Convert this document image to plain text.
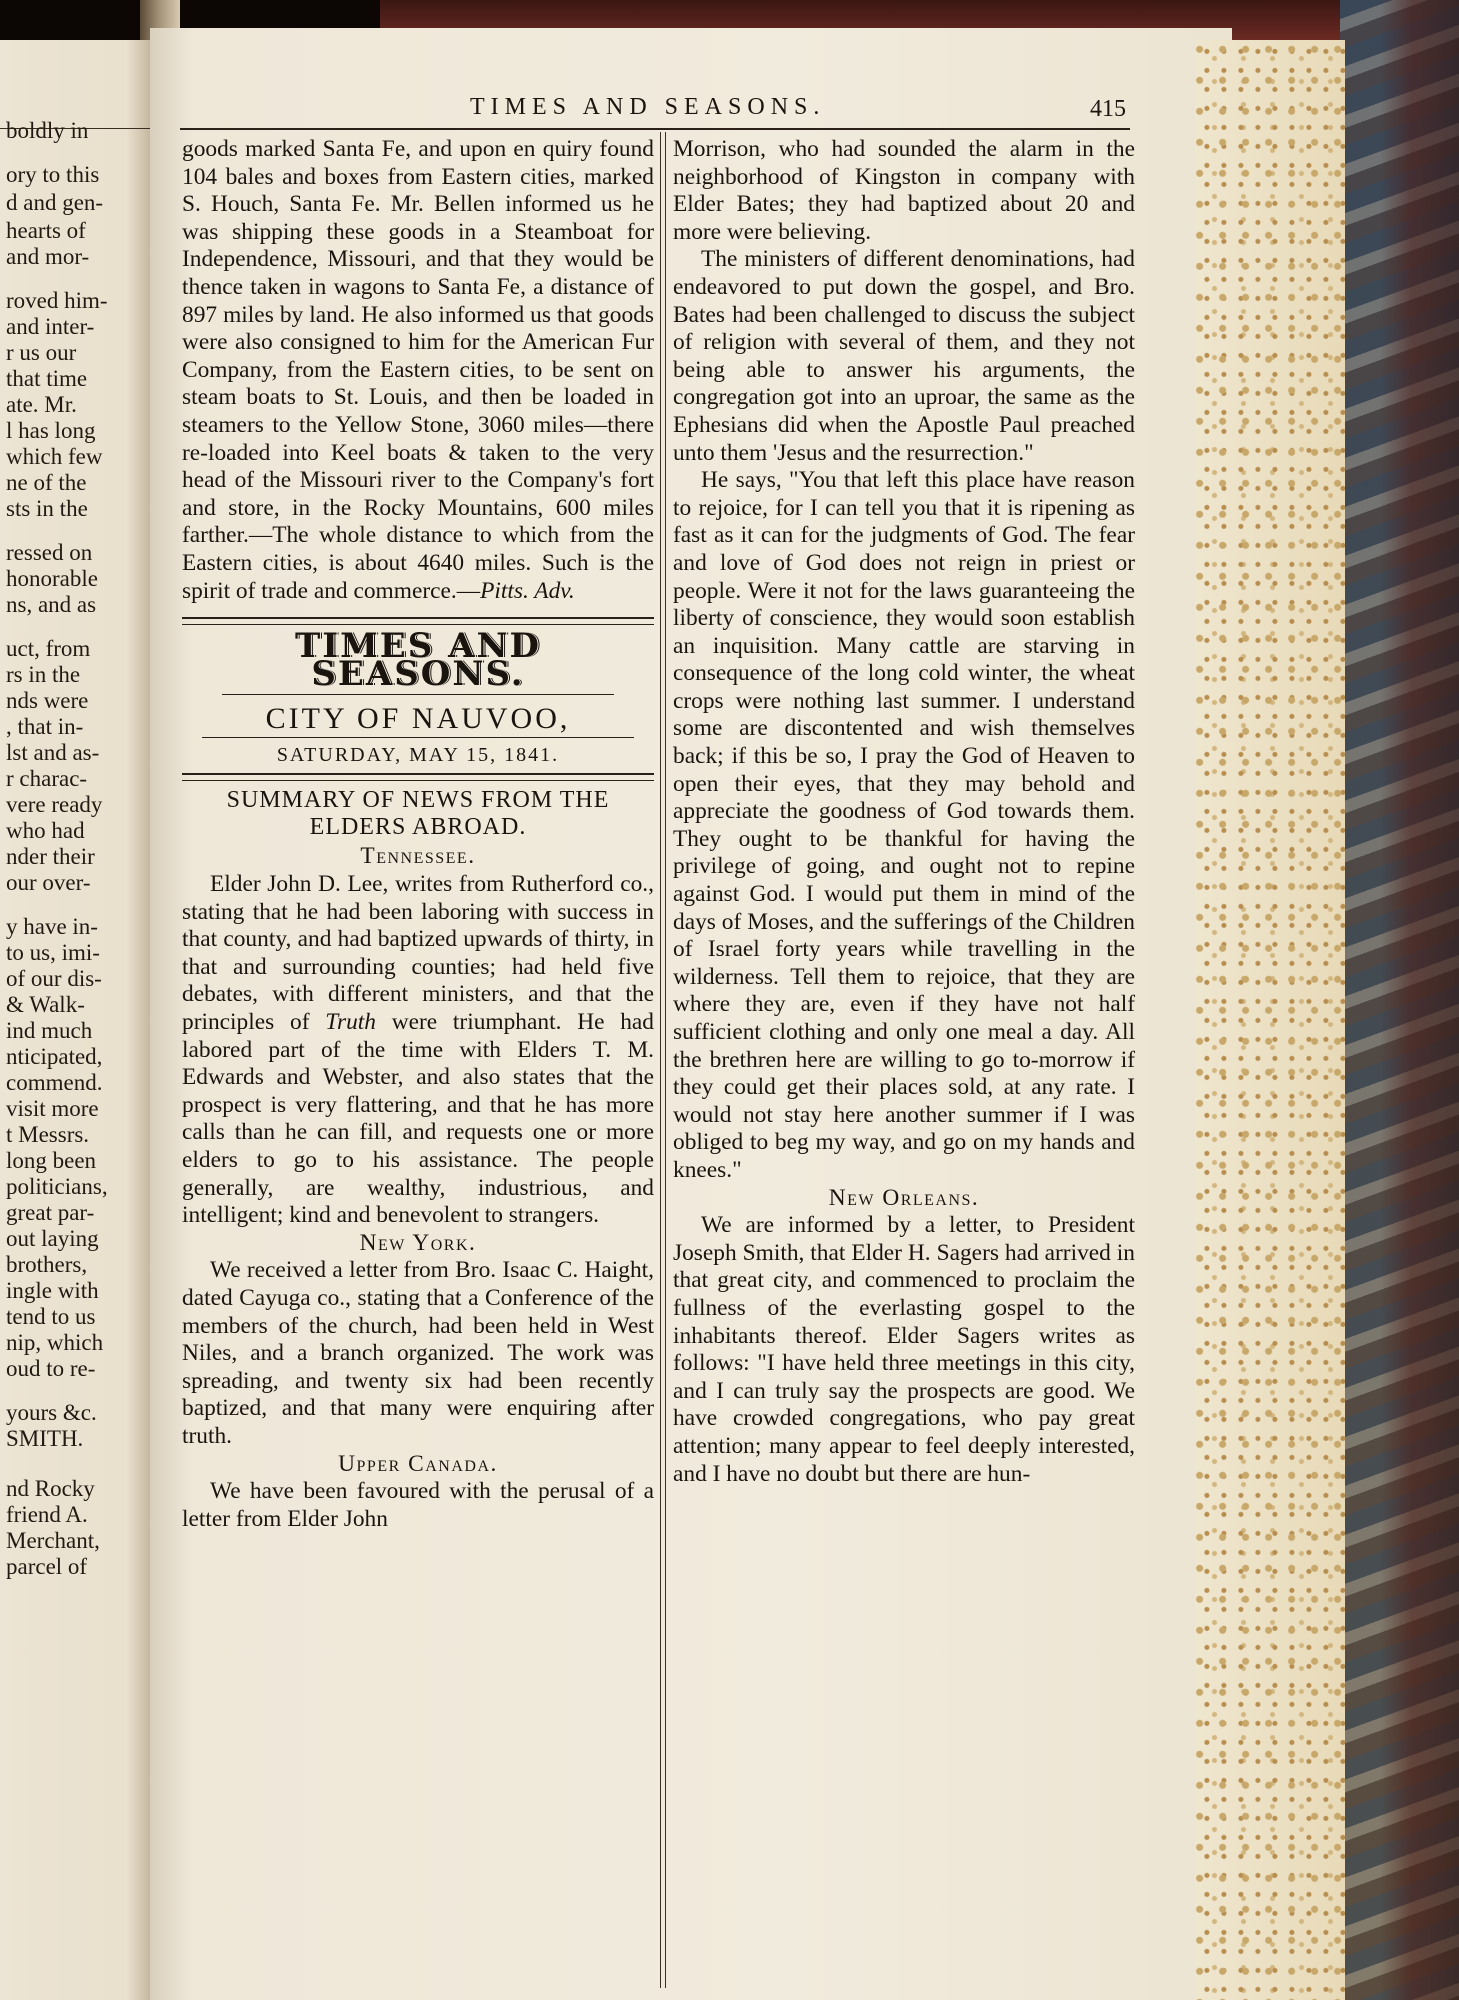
boldly in
ory to this
d and gen-
hearts of
and mor-
roved him-
and inter-
r us our
that time
ate. Mr.
l has long
which few
ne of the
sts in the
ressed on
honorable
ns, and as
uct, from
rs in the
nds were
, that in-
lst and as-
r charac-
vere ready
who had
nder their
our over-
y have in-
to us, imi-
of our dis-
& Walk-
ind much
nticipated,
commend.
visit more
t Messrs.
long been
politicians,
great par-
out laying
brothers,
ingle with
tend to us
nip, which
oud to re-
yours &c.
SMITH.
nd Rocky
friend A.
Merchant,
parcel of
TIMES AND SEASONS.	415

goods marked Santa Fe, and upon en quiry found 104 bales and boxes from Eastern cities, marked S. Houch, Santa Fe. Mr. Bellen informed us he was shipping these goods in a Steamboat for Independence, Missouri, and that they would be thence taken in wagons to Santa Fe, a distance of 897 miles by land. He also informed us that goods were also consigned to him for the American Fur Company, from the Eastern cities, to be sent on steam boats to St. Louis, and then be loaded in steamers to the Yellow Stone, 3060 miles—there re-loaded into Keel boats & taken to the very head of the Missouri river to the Company's fort and store, in the Rocky Mountains, 600 miles farther.—The whole distance to which from the Eastern cities, is about 4640 miles. Such is the spirit of trade and commerce.—Pitts. Adv.

TIMES AND SEASONS.
CITY OF NAUVOO,
SATURDAY, MAY 15, 1841.
SUMMARY OF NEWS FROM THE
ELDERS ABROAD.
Tennessee.

Elder John D. Lee, writes from Rutherford co., stating that he had been laboring with success in that county, and had baptized upwards of thirty, in that and surrounding counties; had held five debates, with different ministers, and that the principles of Truth were triumphant. He had labored part of the time with Elders T. M. Edwards and Webster, and also states that the prospect is very flattering, and that he has more calls than he can fill, and requests one or more elders to go to his assistance. The people generally, are wealthy, industrious, and intelligent; kind and benevolent to strangers.

New York.

We received a letter from Bro. Isaac C. Haight, dated Cayuga co., stating that a Conference of the members of the church, had been held in West Niles, and a branch organized. The work was spreading, and twenty six had been recently baptized, and that many were enquiring after truth.

Upper Canada.

We have been favoured with the perusal of a letter from Elder John

Morrison, who had sounded the alarm in the neighborhood of Kingston in company with Elder Bates; they had baptized about 20 and more were believing.

The ministers of different denominations, had endeavored to put down the gospel, and Bro. Bates had been challenged to discuss the subject of religion with several of them, and they not being able to answer his arguments, the congregation got into an uproar, the same as the Ephesians did when the Apostle Paul preached unto them 'Jesus and the resurrection."

He says, "You that left this place have reason to rejoice, for I can tell you that it is ripening as fast as it can for the judgments of God. The fear and love of God does not reign in priest or people. Were it not for the laws guaranteeing the liberty of conscience, they would soon establish an inquisition. Many cattle are starving in consequence of the long cold winter, the wheat crops were nothing last summer. I understand some are discontented and wish themselves back; if this be so, I pray the God of Heaven to open their eyes, that they may behold and appreciate the goodness of God towards them. They ought to be thankful for having the privilege of going, and ought not to repine against God. I would put them in mind of the days of Moses, and the sufferings of the Children of Israel forty years while travelling in the wilderness. Tell them to rejoice, that they are where they are, even if they have not half sufficient clothing and only one meal a day. All the brethren here are willing to go to-morrow if they could get their places sold, at any rate. I would not stay here another summer if I was obliged to beg my way, and go on my hands and knees."

New Orleans.

We are informed by a letter, to President Joseph Smith, that Elder H. Sagers had arrived in that great city, and commenced to proclaim the fullness of the everlasting gospel to the inhabitants thereof. Elder Sagers writes as follows: "I have held three meetings in this city, and I can truly say the prospects are good. We have crowded congregations, who pay great attention; many appear to feel deeply interested, and I have no doubt but there are hun-
